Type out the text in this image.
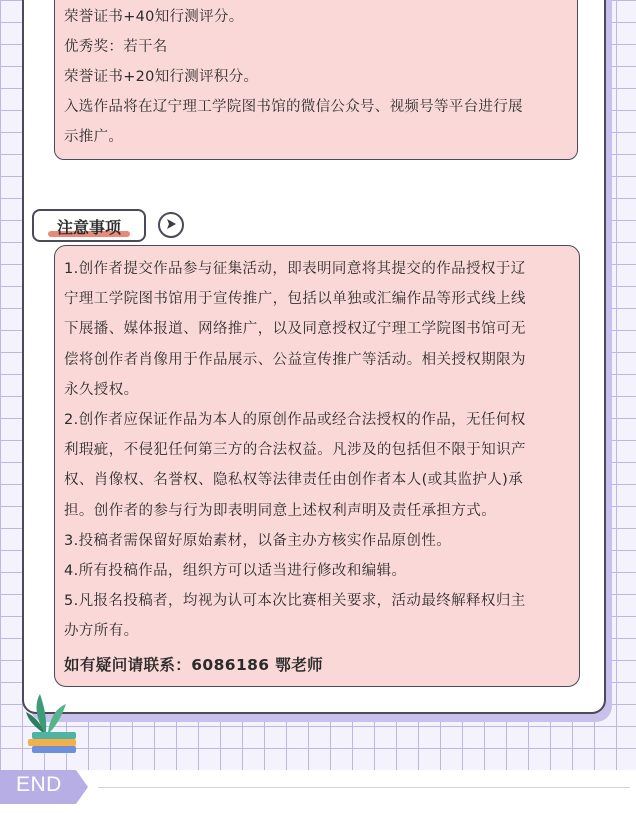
荣誉证书+40知行测评分。

优秀奖：若干名

荣誉证书+20知行测评积分。

入选作品将在辽宁理工学院图书馆的微信公众号、视频号等平台进行展

示推广。

注意事项

1.创作者提交作品参与征集活动，即表明同意将其提交的作品授权于辽

宁理工学院图书馆用于宣传推广，包括以单独或汇编作品等形式线上线

下展播、媒体报道、网络推广，以及同意授权辽宁理工学院图书馆可无

偿将创作者肖像用于作品展示、公益宣传推广等活动。相关授权期限为

永久授权。

2.创作者应保证作品为本人的原创作品或经合法授权的作品，无任何权

利瑕疵，不侵犯任何第三方的合法权益。凡涉及的包括但不限于知识产

权、肖像权、名誉权、隐私权等法律责任由创作者本人(或其监护人)承

担。创作者的参与行为即表明同意上述权利声明及责任承担方式。

3.投稿者需保留好原始素材，以备主办方核实作品原创性。

4.所有投稿作品，组织方可以适当进行修改和编辑。

5.凡报名投稿者，均视为认可本次比赛相关要求，活动最终解释权归主

办方所有。

如有疑问请联系：6086186 鄂老师

END
